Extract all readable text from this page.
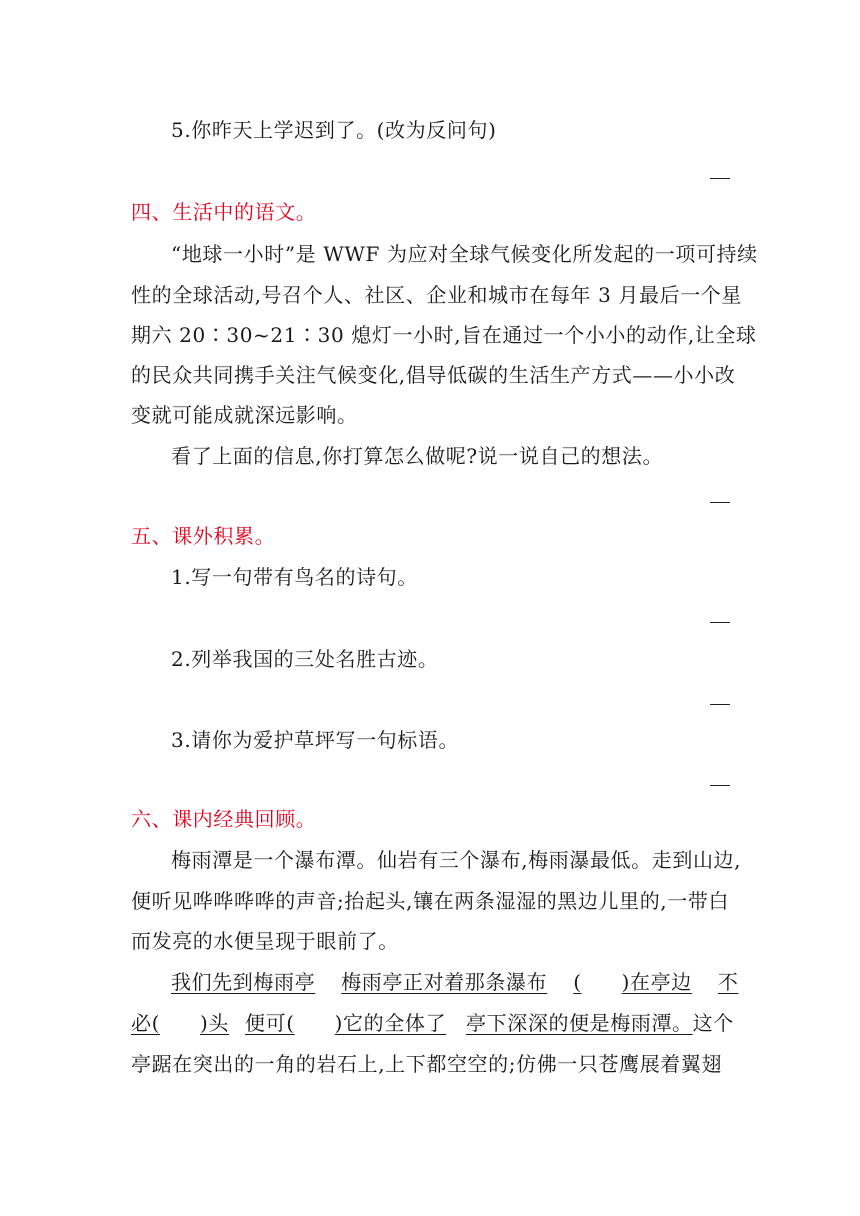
5.你昨天上学迟到了。(改为反问句)
四、生活中的语文。
“地球一小时”是 WWF 为应对全球气候变化所发起的一项可持续
性的全球活动,号召个人、社区、企业和城市在每年 3 月最后一个星
期六 20∶30~21∶30 熄灯一小时,旨在通过一个小小的动作,让全球
的民众共同携手关注气候变化,倡导低碳的生活生产方式——小小改
变就可能成就深远影响。
看了上面的信息,你打算怎么做呢?说一说自己的想法。
五、课外积累。
1.写一句带有鸟名的诗句。
2.列举我国的三处名胜古迹。
3.请你为爱护草坪写一句标语。
六、课内经典回顾。
梅雨潭是一个瀑布潭。仙岩有三个瀑布,梅雨瀑最低。走到山边,
便听见哗哗哗哗的声音;抬起头,镶在两条湿湿的黑边儿里的,一带白
而发亮的水便呈现于眼前了。
我们先到梅雨亭 梅雨亭正对着那条瀑布 ( )在亭边 不
必( )头 便可( )它的全体了 亭下深深的便是梅雨潭。这个
亭踞在突出的一角的岩石上,上下都空空的;仿佛一只苍鹰展着翼翅
